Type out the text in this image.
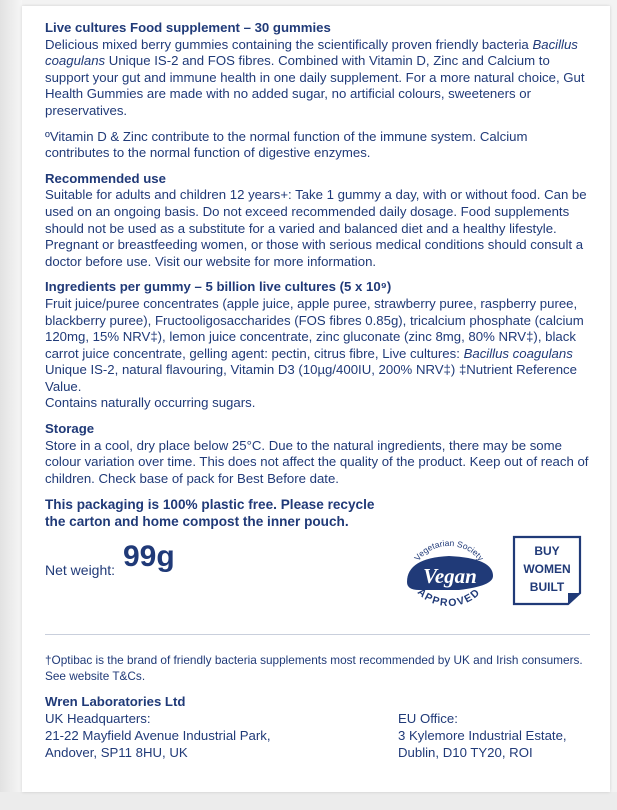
Live cultures Food supplement – 30 gummies

Delicious mixed berry gummies containing the scientifically proven friendly bacteria Bacillus coagulans Unique IS-2 and FOS fibres. Combined with Vitamin D, Zinc and Calcium to support your gut and immune health in one daily supplement. For a more natural choice, Gut Health Gummies are made with no added sugar, no artificial colours, sweeteners or preservatives.

ºVitamin D & Zinc contribute to the normal function of the immune system. Calcium contributes to the normal function of digestive enzymes.

Recommended use

Suitable for adults and children 12 years+: Take 1 gummy a day, with or without food. Can be used on an ongoing basis. Do not exceed recommended daily dosage. Food supplements should not be used as a substitute for a varied and balanced diet and a healthy lifestyle. Pregnant or breastfeeding women, or those with serious medical conditions should consult a doctor before use. Visit our website for more information.

Ingredients per gummy – 5 billion live cultures (5 x 10⁹)

Fruit juice/puree concentrates (apple juice, apple puree, strawberry puree, raspberry puree, blackberry puree), Fructooligosaccharides (FOS fibres 0.85g), tricalcium phosphate (calcium 120mg, 15% NRV‡), lemon juice concentrate, zinc gluconate (zinc 8mg, 80% NRV‡), black carrot juice concentrate, gelling agent: pectin, citrus fibre, Live cultures: Bacillus coagulans Unique IS-2, natural flavouring, Vitamin D3 (10µg/400IU, 200% NRV‡) ‡Nutrient Reference Value.

Contains naturally occurring sugars.

Storage

Store in a cool, dry place below 25°C. Due to the natural ingredients, there may be some colour variation over time. This does not affect the quality of the product. Keep out of reach of children. Check base of pack for Best Before date.

This packaging is 100% plastic free. Please recycle

the carton and home compost the inner pouch.

Net weight: 99g	Vegetarian Society
Vegan
APPROVED
BUY
WOMEN
BUILT

†Optibac is the brand of friendly bacteria supplements most recommended by UK and Irish consumers. See website T&Cs.

Wren Laboratories Ltd
UK Headquarters:
21-22 Mayfield Avenue Industrial Park,
Andover, SP11 8HU, UK
EU Office:
3 Kylemore Industrial Estate,
Dublin, D10 TY20, ROI
